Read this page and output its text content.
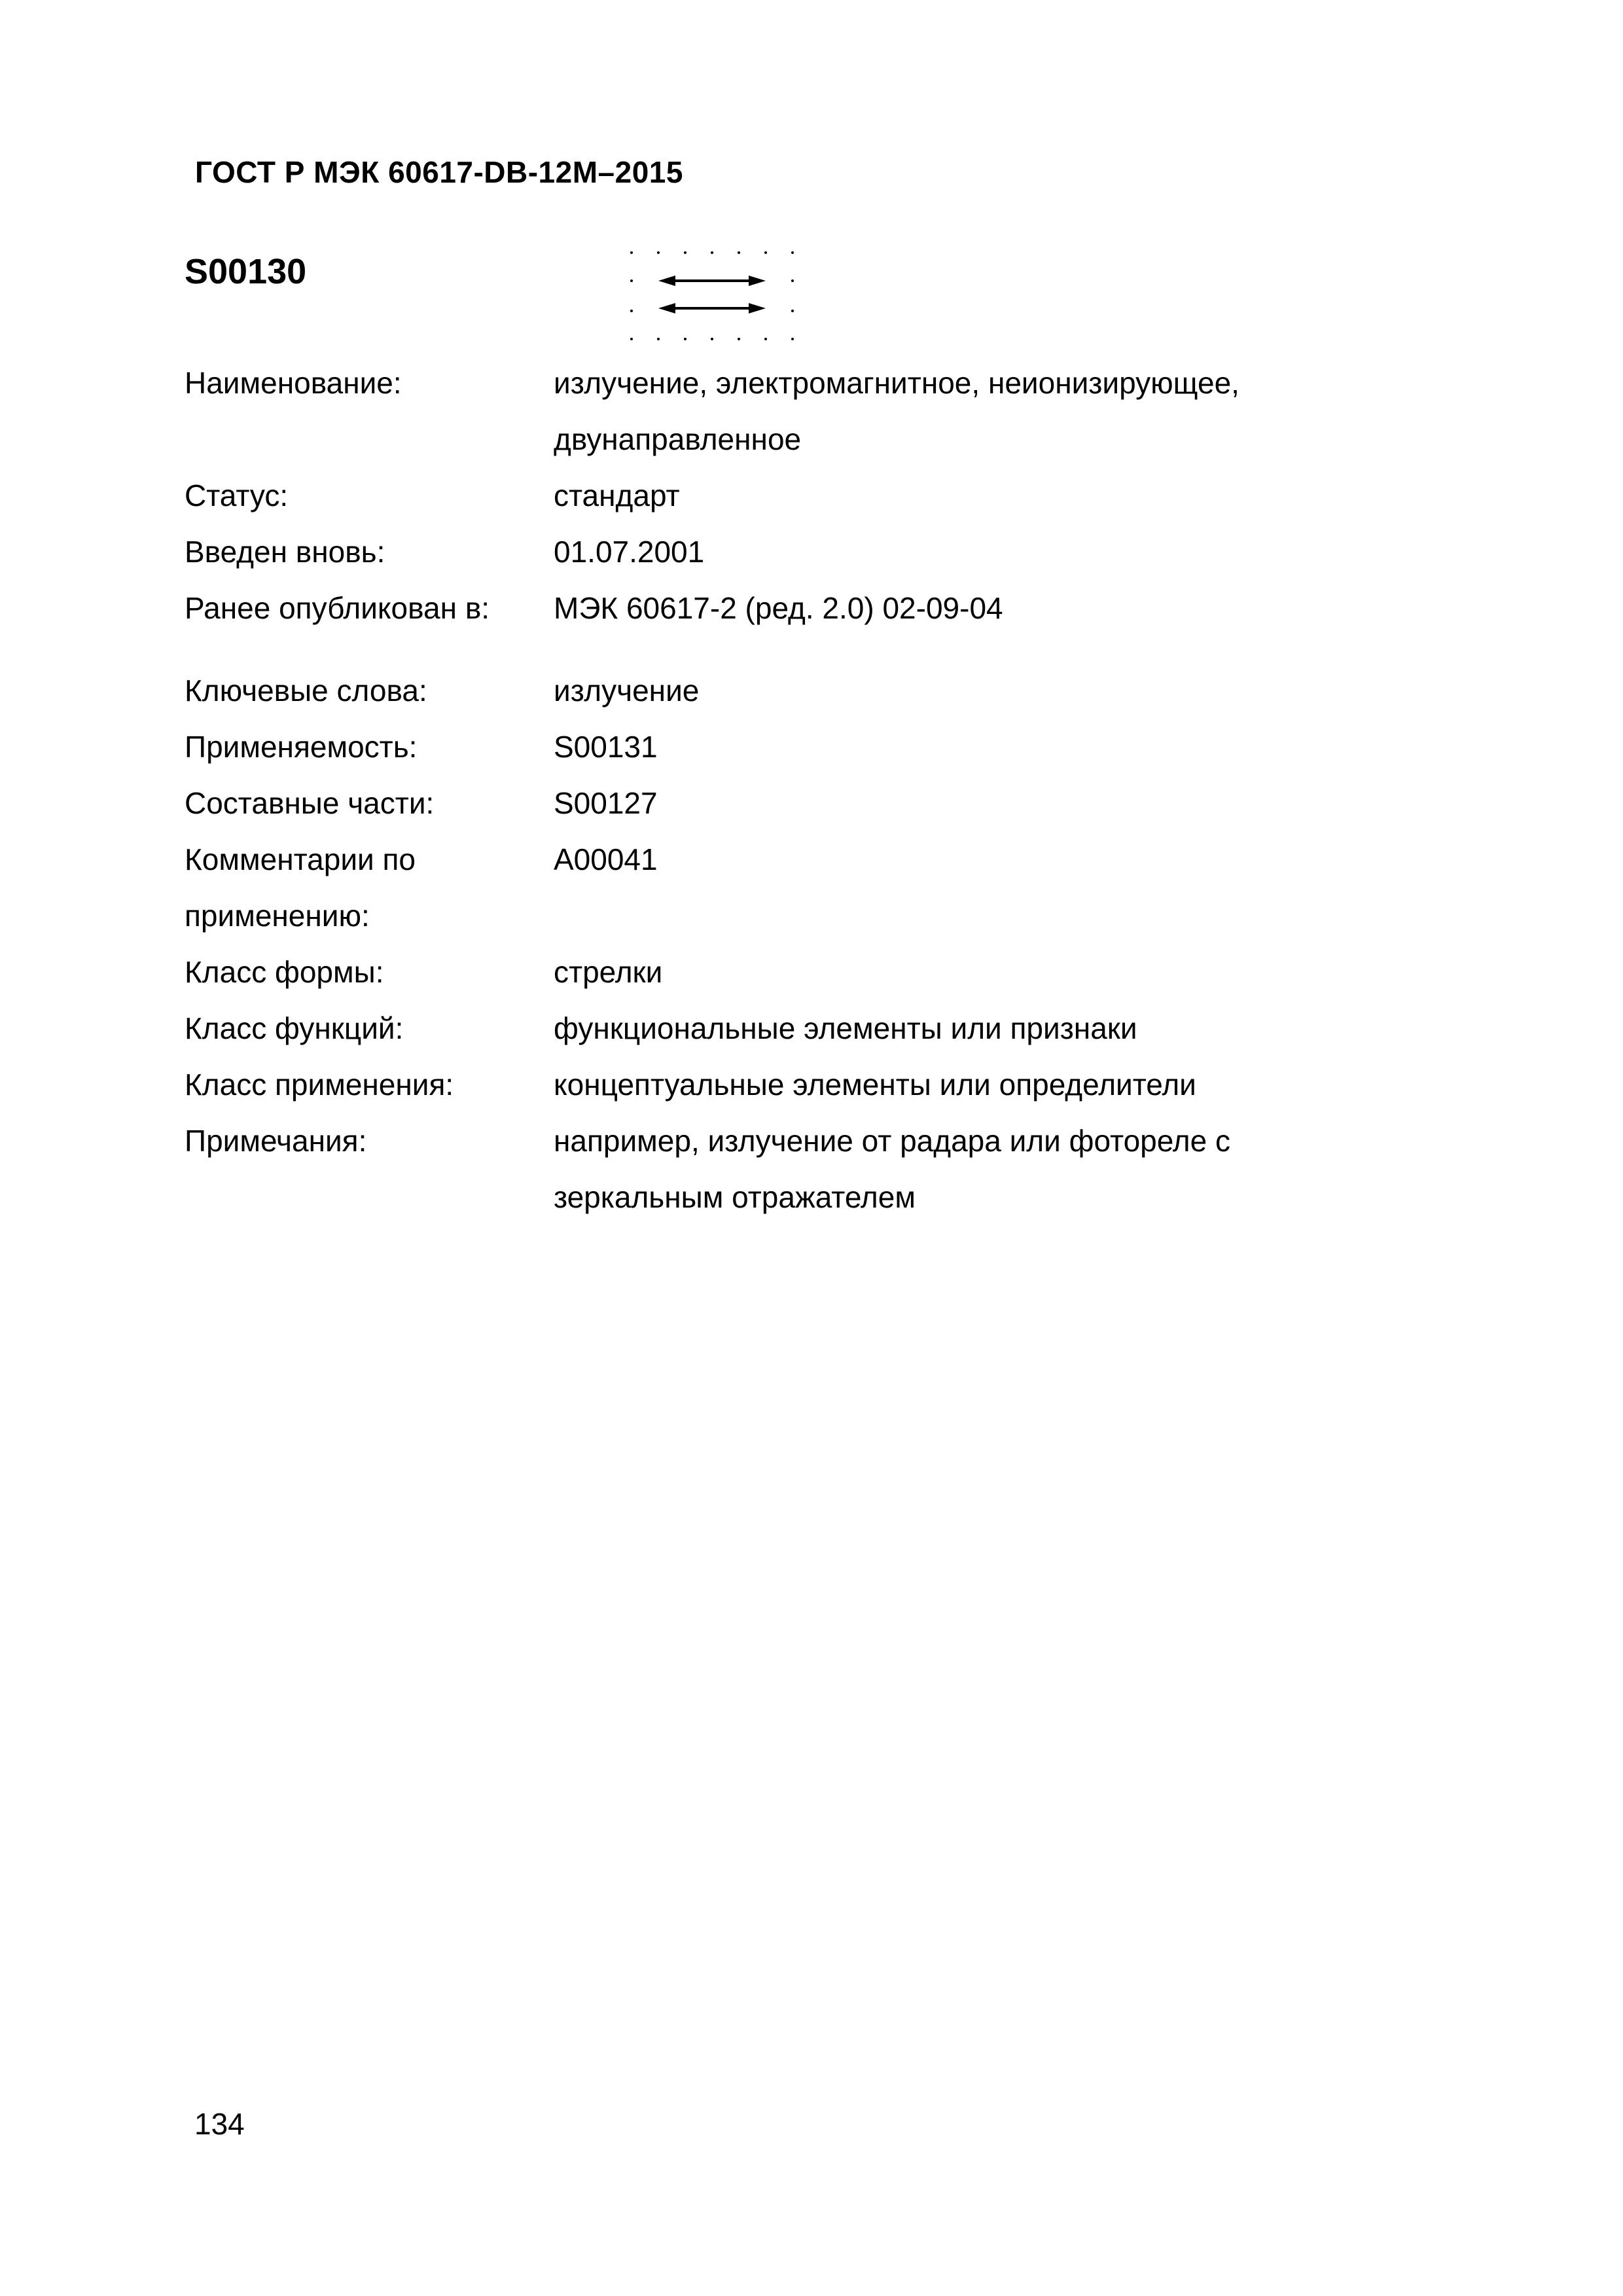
ГОСТ Р МЭК 60617-DB-12M–2015
S00130
Наименование:	излучение, электромагнитное, неионизирующее, двунаправленное
Статус:	стандарт
Введен вновь:	01.07.2001
Ранее опубликован в:	МЭК 60617-2 (ред. 2.0) 02-09-04
Ключевые слова:	излучение
Применяемость:	S00131
Составные части:	S00127
Комментарии по применению:
A00041
Класс формы:	стрелки
Класс функций:	функциональные элементы или признаки
Класс применения:	концептуальные элементы или определители
Примечания:	например, излучение от радара или фотореле с зеркальным отражателем
134
